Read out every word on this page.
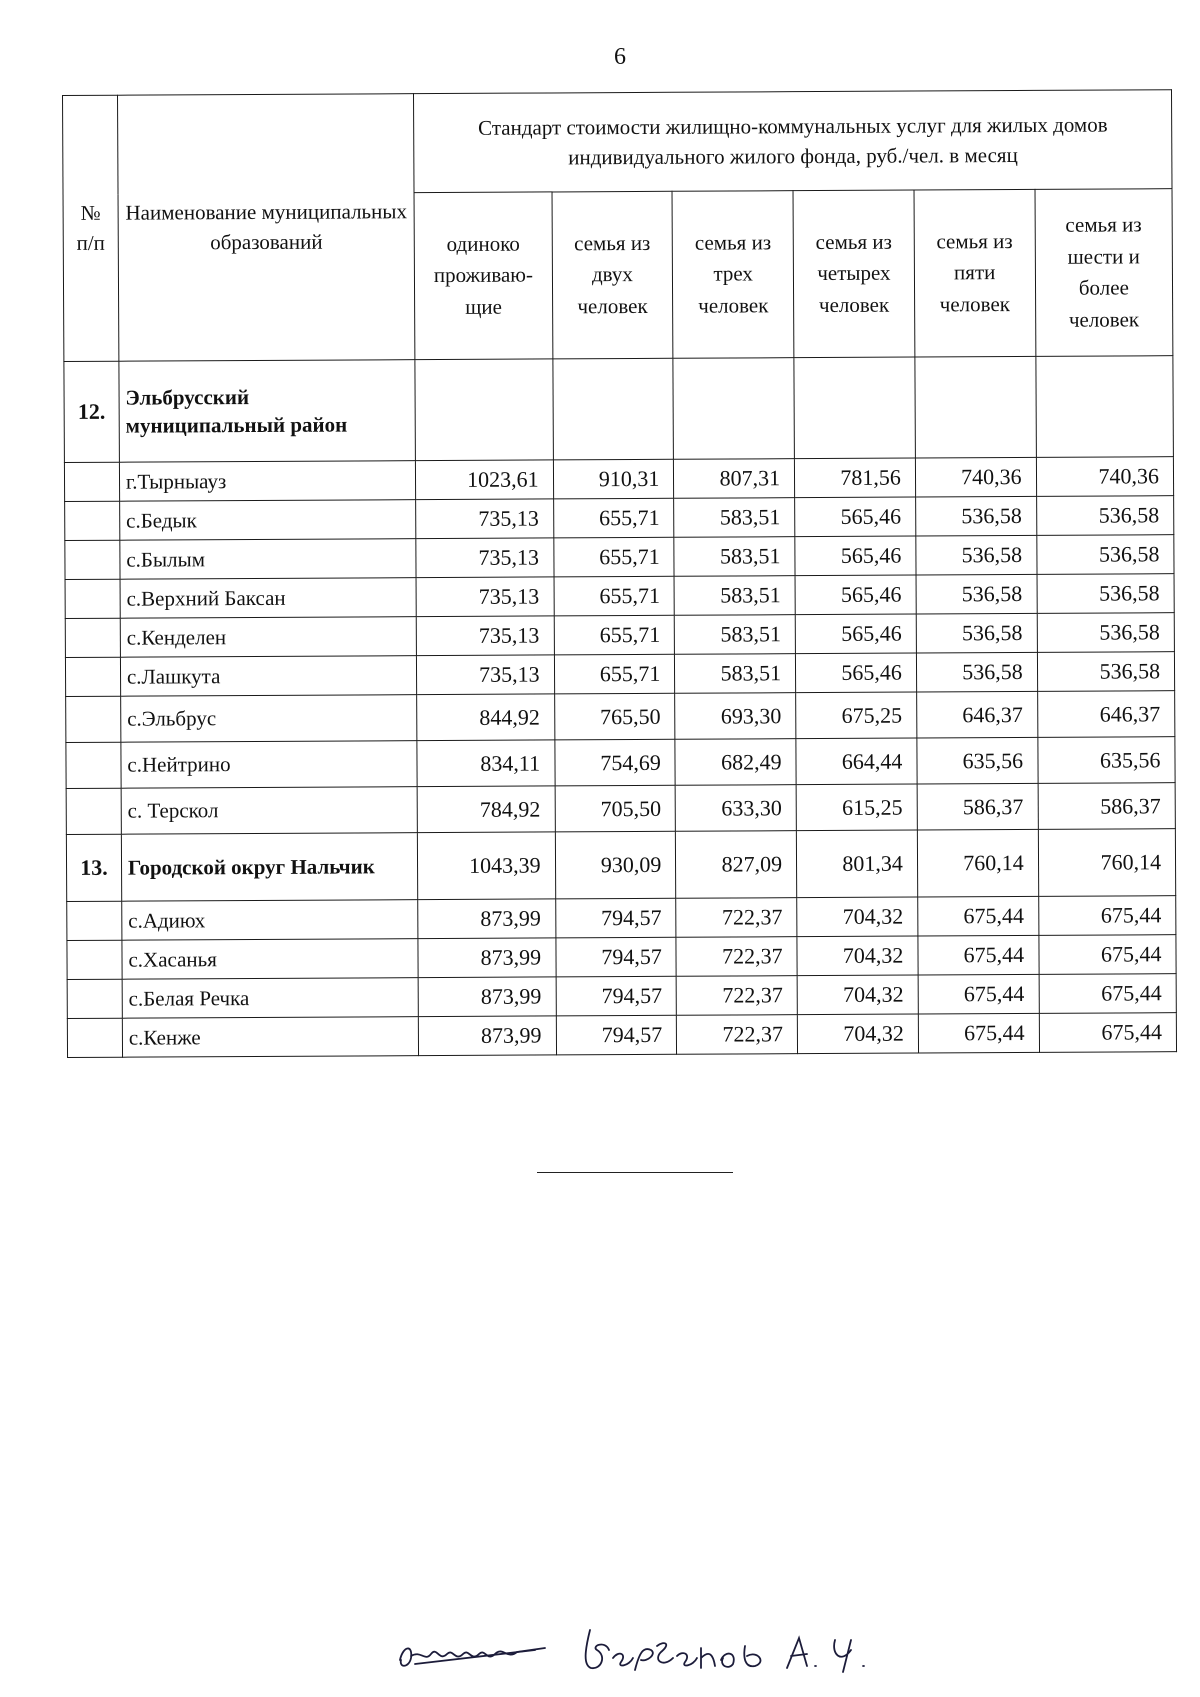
6
№ п/п	Наименование муниципальных образований	Стандарт стоимости жилищно-коммунальных услуг для жилых домов индивидуального жилого фонда, руб./чел. в месяц					
		одиноко проживаю-щие	семья из двух человек	семья из трех человек	семья из четырех человек	семья из пяти человек	семья из шести и более человек
12.	Эльбрусский муниципальный район						
	г.Тырныауз	1023,61	910,31	807,31	781,56	740,36	740,36
	с.Бедык	735,13	655,71	583,51	565,46	536,58	536,58
	с.Былым	735,13	655,71	583,51	565,46	536,58	536,58
	с.Верхний Баксан	735,13	655,71	583,51	565,46	536,58	536,58
	с.Кенделен	735,13	655,71	583,51	565,46	536,58	536,58
	с.Лашкута	735,13	655,71	583,51	565,46	536,58	536,58
	с.Эльбрус	844,92	765,50	693,30	675,25	646,37	646,37
	с.Нейтрино	834,11	754,69	682,49	664,44	635,56	635,56
	с. Терскол	784,92	705,50	633,30	615,25	586,37	586,37
13.	Городской округ Нальчик	1043,39	930,09	827,09	801,34	760,14	760,14
	с.Адиюх	873,99	794,57	722,37	704,32	675,44	675,44
	с.Хасанья	873,99	794,57	722,37	704,32	675,44	675,44
	с.Белая Речка	873,99	794,57	722,37	704,32	675,44	675,44
	с.Кенже	873,99	794,57	722,37	704,32	675,44	675,44
